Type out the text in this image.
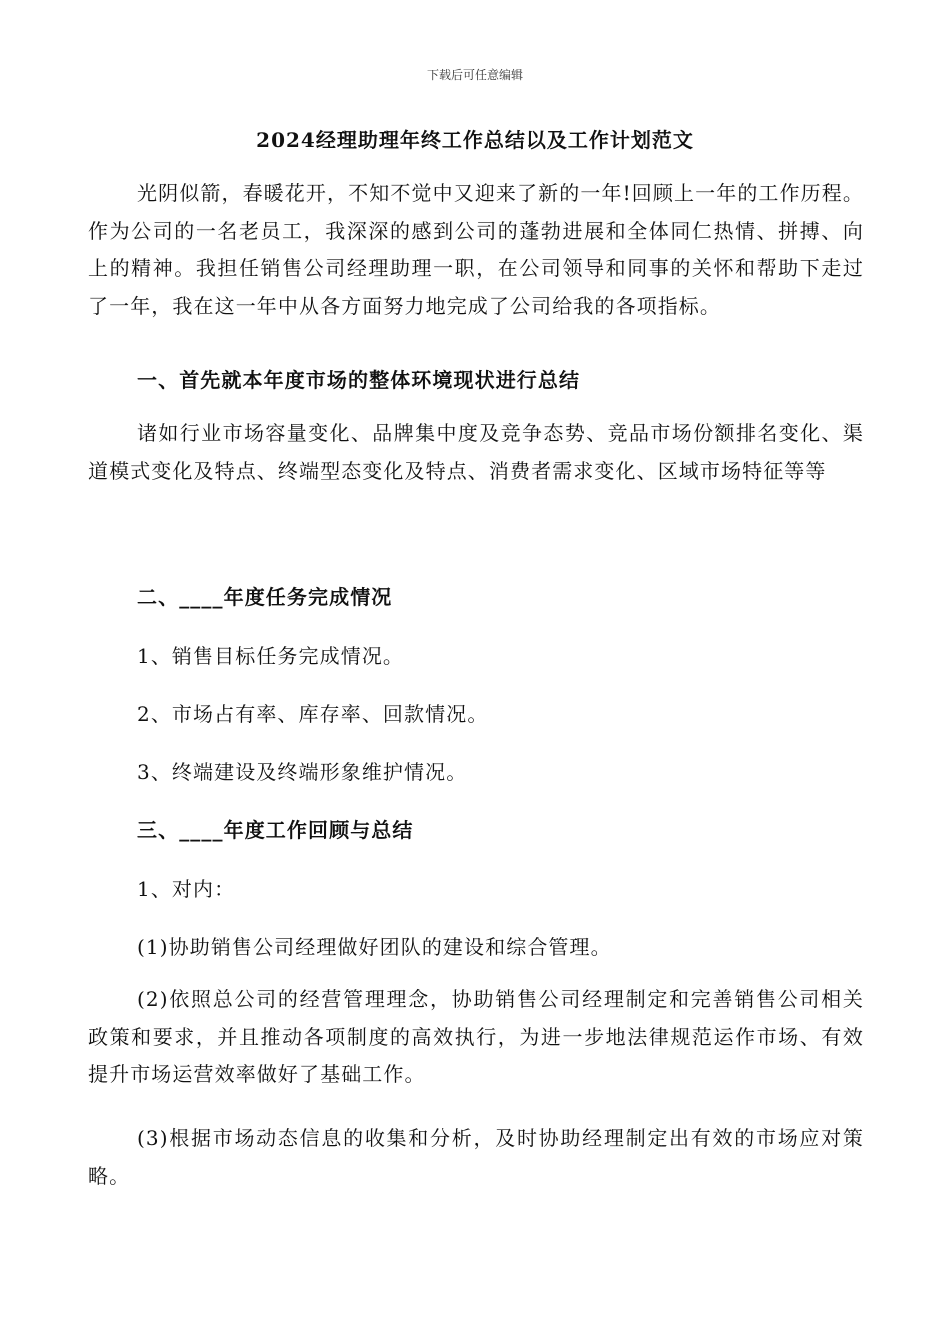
下载后可任意编辑
2024经理助理年终工作总结以及工作计划范文

光阴似箭，春暖花开，不知不觉中又迎来了新的一年!回顾上一年的工作历程。作为公司的一名老员工，我深深的感到公司的蓬勃进展和全体同仁热情、拼搏、向上的精神。我担任销售公司经理助理一职，在公司领导和同事的关怀和帮助下走过了一年，我在这一年中从各方面努力地完成了公司给我的各项指标。

一、首先就本年度市场的整体环境现状进行总结

诸如行业市场容量变化、品牌集中度及竞争态势、竞品市场份额排名变化、渠道模式变化及特点、终端型态变化及特点、消费者需求变化、区域市场特征等等

二、____年度任务完成情况
1、销售目标任务完成情况。
2、市场占有率、库存率、回款情况。
3、终端建设及终端形象维护情况。
三、____年度工作回顾与总结
1、对内：
(1)协助销售公司经理做好团队的建设和综合管理。

(2)依照总公司的经营管理理念，协助销售公司经理制定和完善销售公司相关政策和要求，并且推动各项制度的高效执行，为进一步地法律规范运作市场、有效提升市场运营效率做好了基础工作。

(3)根据市场动态信息的收集和分析，及时协助经理制定出有效的市场应对策略。
